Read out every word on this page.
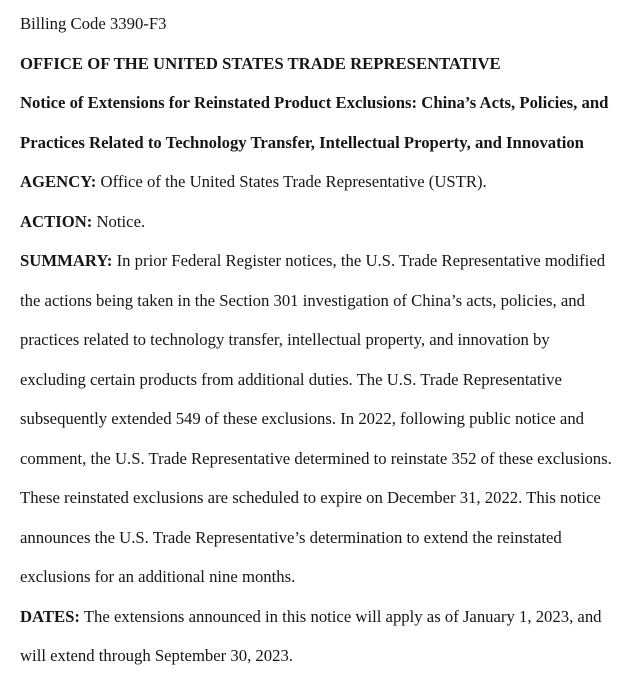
Billing Code 3390-F3
OFFICE OF THE UNITED STATES TRADE REPRESENTATIVE
Notice of Extensions for Reinstated Product Exclusions: China’s Acts, Policies, and
Practices Related to Technology Transfer, Intellectual Property, and Innovation
AGENCY: Office of the United States Trade Representative (USTR).
ACTION: Notice.
SUMMARY: In prior Federal Register notices, the U.S. Trade Representative modified
the actions being taken in the Section 301 investigation of China’s acts, policies, and
practices related to technology transfer, intellectual property, and innovation by
excluding certain products from additional duties. The U.S. Trade Representative
subsequently extended 549 of these exclusions. In 2022, following public notice and
comment, the U.S. Trade Representative determined to reinstate 352 of these exclusions.
These reinstated exclusions are scheduled to expire on December 31, 2022. This notice
announces the U.S. Trade Representative’s determination to extend the reinstated
exclusions for an additional nine months.
DATES: The extensions announced in this notice will apply as of January 1, 2023, and
will extend through September 30, 2023.
